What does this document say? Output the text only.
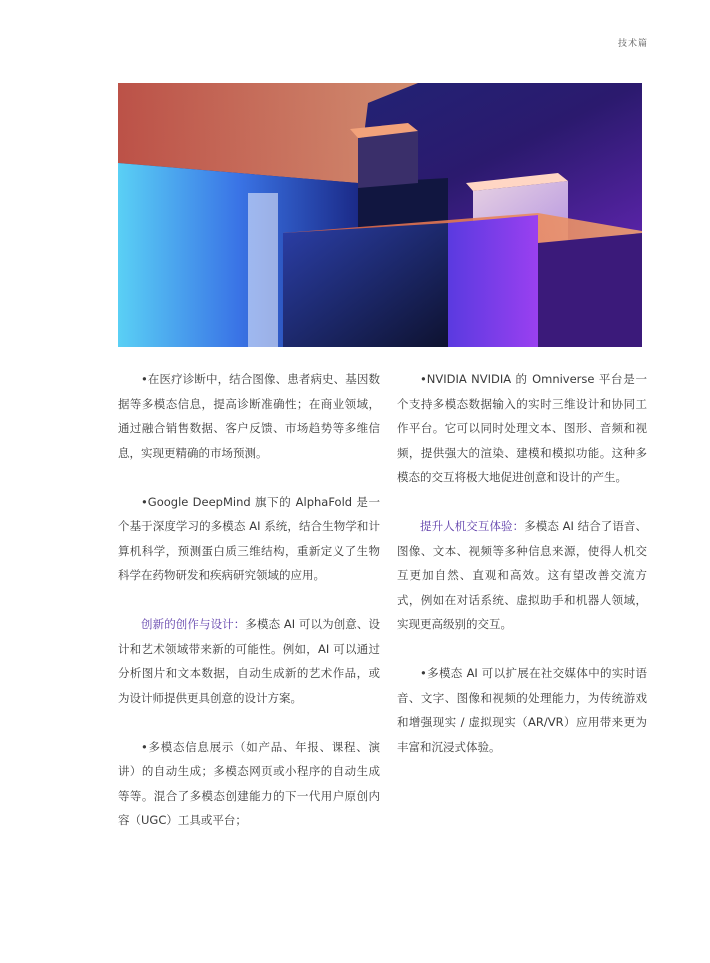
技术篇

•在医疗诊断中，结合图像、患者病史、基因数据等多模态信息，提高诊断准确性；在商业领域，通过融合销售数据、客户反馈、市场趋势等多维信息，实现更精确的市场预测。

•Google DeepMind 旗下的 AlphaFold 是一个基于深度学习的多模态 AI 系统，结合生物学和计算机科学，预测蛋白质三维结构，重新定义了生物科学在药物研发和疾病研究领域的应用。

创新的创作与设计：多模态 AI 可以为创意、设计和艺术领域带来新的可能性。例如，AI 可以通过分析图片和文本数据，自动生成新的艺术作品，或为设计师提供更具创意的设计方案。

•多模态信息展示（如产品、年报、课程、演讲）的自动生成；多模态网页或小程序的自动生成等等。混合了多模态创建能力的下一代用户原创内容（UGC）工具或平台；

•NVIDIA NVIDIA 的 Omniverse 平台是一个支持多模态数据输入的实时三维设计和协同工作平台。它可以同时处理文本、图形、音频和视频，提供强大的渲染、建模和模拟功能。这种多模态的交互将极大地促进创意和设计的产生。

提升人机交互体验：多模态 AI 结合了语音、图像、文本、视频等多种信息来源，使得人机交互更加自然、直观和高效。这有望改善交流方式，例如在对话系统、虚拟助手和机器人领域，实现更高级别的交互。

•多模态 AI 可以扩展在社交媒体中的实时语音、文字、图像和视频的处理能力，为传统游戏和增强现实 / 虚拟现实（AR/VR）应用带来更为丰富和沉浸式体验。
